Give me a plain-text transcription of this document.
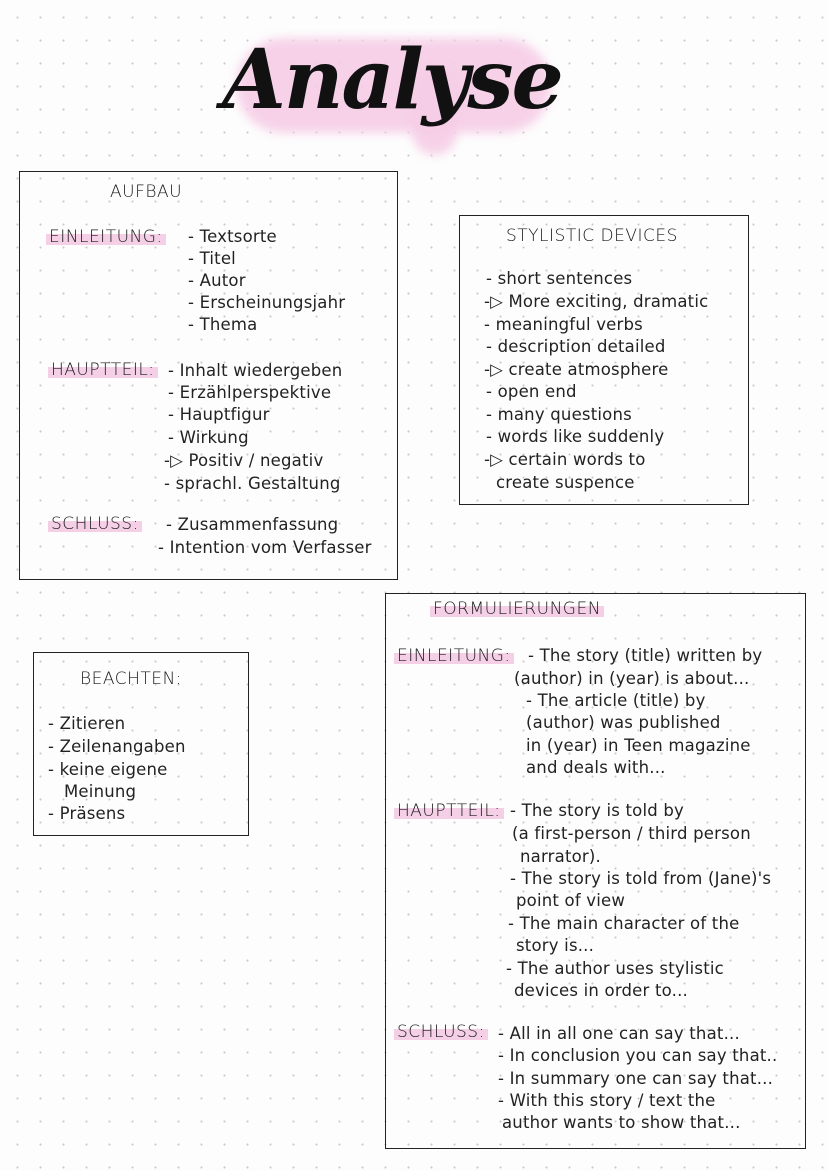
Analyse
AUFBAU
EINLEITUNG: - Textsorte
- Titel
- Autor
- Erscheinungsjahr
- Thema
HAUPTTEIL: - Inhalt wiedergeben
- Erzählperspektive
- Hauptfigur
- Wirkung
-▷ Positiv / negativ
- sprachl. Gestaltung
SCHLUSS: - Zusammenfassung
- Intention vom Verfasser
STYLISTIC DEVICES
- short sentences
-▷ More exciting, dramatic
- meaningful verbs
- description detailed
-▷ create atmosphere
- open end
- many questions
- words like suddenly
-▷ certain words to
create suspence
BEACHTEN:
- Zitieren
- Zeilenangaben
- keine eigene
Meinung
- Präsens
FORMULIERUNGEN
EINLEITUNG: - The story (title) written by
(author) in (year) is about...
- The article (title) by
(author) was published
in (year) in Teen magazine
and deals with...
HAUPTTEIL: - The story is told by
(a first-person / third person
narrator).
- The story is told from (Jane)'s
point of view
- The main character of the
story is...
- The author uses stylistic
devices in order to...
SCHLUSS: - All in all one can say that...
- In conclusion you can say that..
- In summary one can say that...
- With this story / text the
author wants to show that...
